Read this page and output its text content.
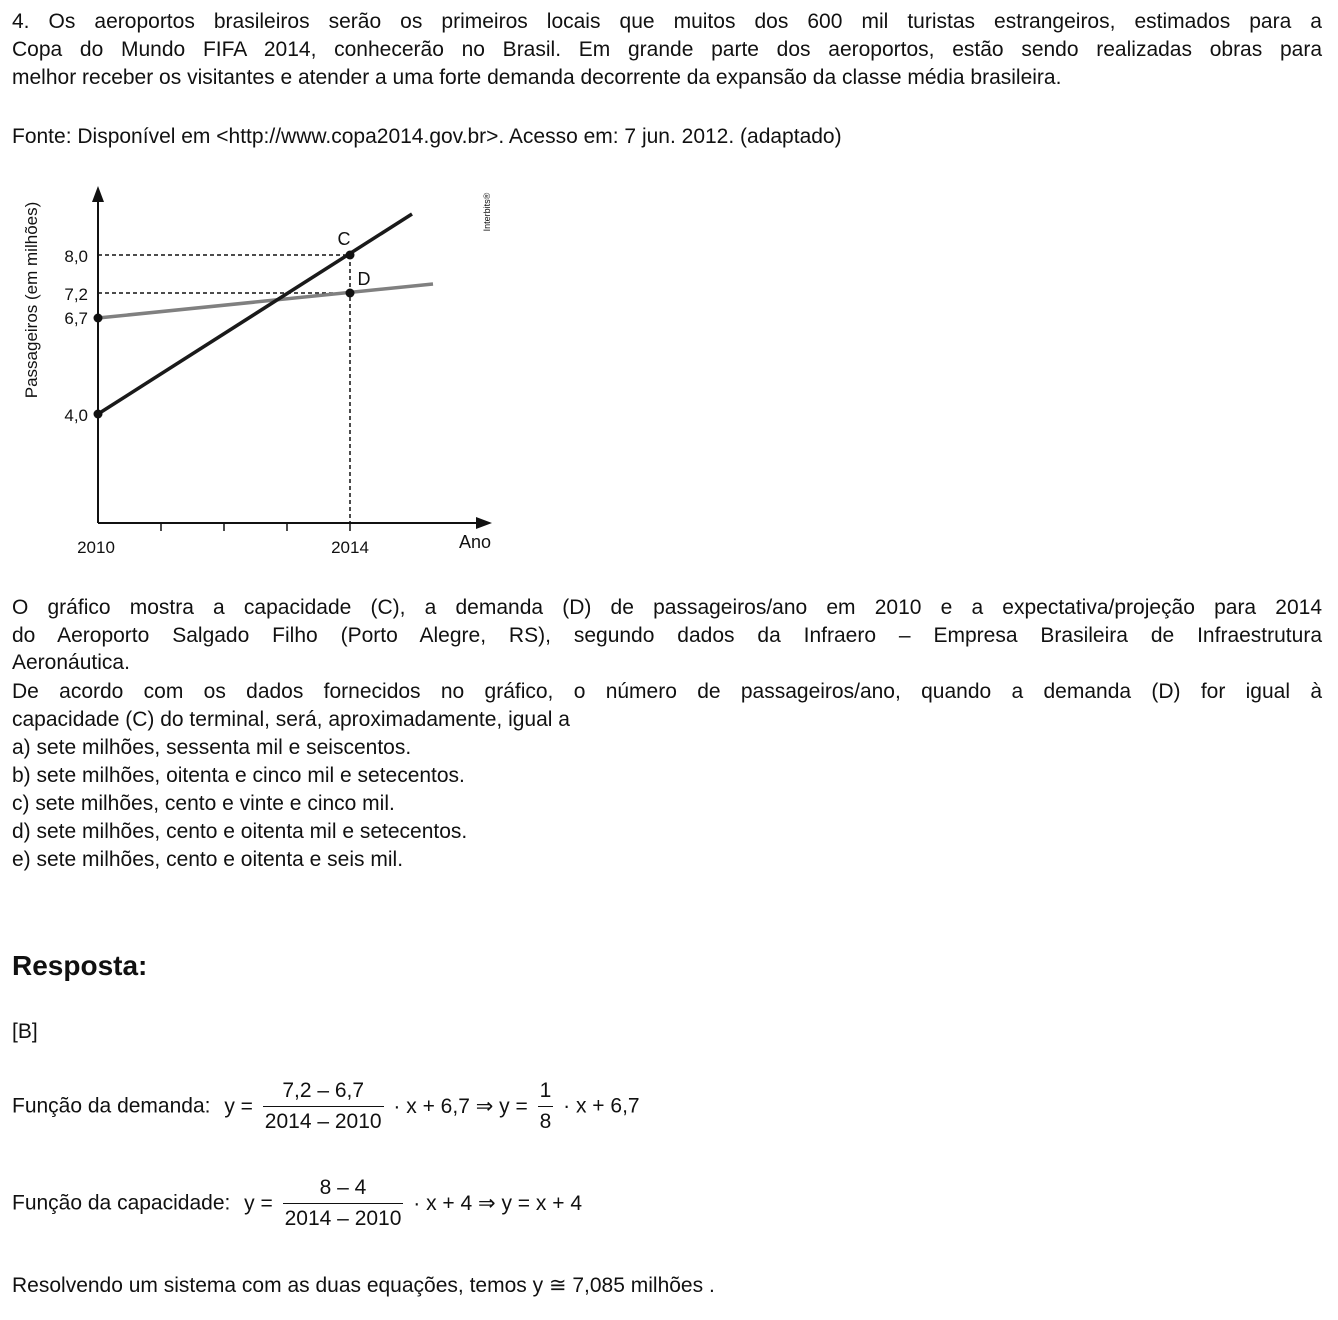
4. Os aeroportos brasileiros serão os primeiros locais que muitos dos 600 mil turistas estrangeiros, estimados para a
Copa do Mundo FIFA 2014, conhecerão no Brasil. Em grande parte dos aeroportos, estão sendo realizadas obras para
melhor receber os visitantes e atender a uma forte demanda decorrente da expansão da classe média brasileira.
Fonte: Disponível em <http://www.copa2014.gov.br>. Acesso em: 7 jun. 2012. (adaptado)
8,0
7,2
6,7
4,0
2010	2014	Ano
Passageiros (em milhões)	C
D
Interbits®
O gráfico mostra a capacidade (C), a demanda (D) de passageiros/ano em 2010 e a expectativa/projeção para 2014
do Aeroporto Salgado Filho (Porto Alegre, RS), segundo dados da Infraero – Empresa Brasileira de Infraestrutura
Aeronáutica.
De acordo com os dados fornecidos no gráfico, o número de passageiros/ano, quando a demanda (D) for igual à
capacidade (C) do terminal, será, aproximadamente, igual a
a) sete milhões, sessenta mil e seiscentos.
b) sete milhões, oitenta e cinco mil e setecentos.
c) sete milhões, cento e vinte e cinco mil.
d) sete milhões, cento e oitenta mil e setecentos.
e) sete milhões, cento e oitenta e seis mil.
Resposta:
[B]
Função da demanda: $y = \frac{7,2 - 6,7}{2014 - 2010} \cdot x + 6,7$ ⇒ $y = \frac{1}{8} \cdot x + 6,7$
Função da capacidade: $y = \frac{8 - 4}{2014 - 2010} \cdot x + 4$ ⇒ y = x + 4
Resolvendo um sistema com as duas equações, temos y ≅ 7,085 milhões .
